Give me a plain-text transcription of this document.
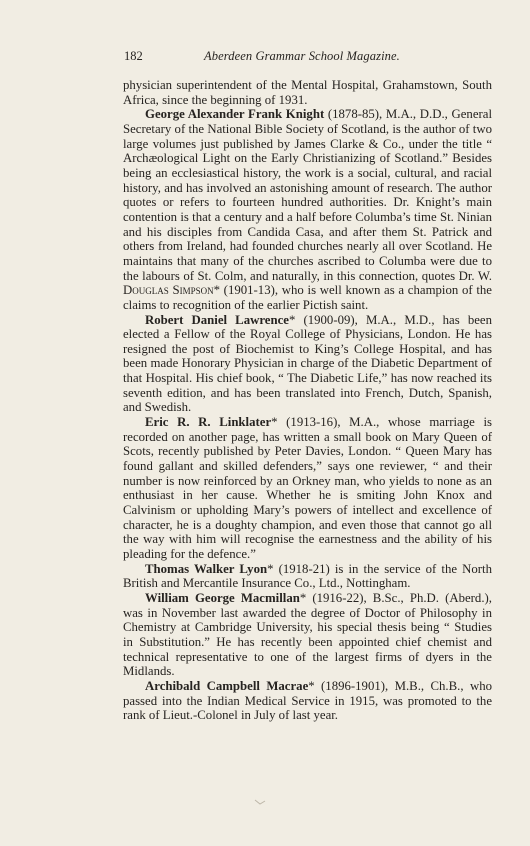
182	Aberdeen Grammar School Magazine.

physician superintendent of the Mental Hospital, Grahamstown, South Africa, since the beginning of 1931.

George Alexander Frank Knight (1878-85), M.A., D.D., General Secretary of the National Bible Society of Scotland, is the author of two large volumes just published by James Clarke & Co., under the title “ Archæological Light on the Early Christianizing of Scotland.” Besides being an ecclesiastical history, the work is a social, cultural, and racial history, and has involved an astonishing amount of research. The author quotes or refers to fourteen hundred authorities. Dr. Knight’s main contention is that a century and a half before Columba’s time St. Ninian and his disciples from Candida Casa, and after them St. Patrick and others from Ireland, had founded churches nearly all over Scotland. He maintains that many of the churches ascribed to Columba were due to the labours of St. Colm, and naturally, in this connection, quotes Dr. W. Douglas Simpson* (1901-13), who is well known as a champion of the claims to recognition of the earlier Pictish saint.

Robert Daniel Lawrence* (1900-09), M.A., M.D., has been elected a Fellow of the Royal College of Physicians, London. He has resigned the post of Biochemist to King’s College Hospital, and has been made Honorary Physician in charge of the Diabetic Department of that Hospital. His chief book, “ The Diabetic Life,” has now reached its seventh edition, and has been translated into French, Dutch, Spanish, and Swedish.

Eric R. R. Linklater* (1913-16), M.A., whose marriage is recorded on another page, has written a small book on Mary Queen of Scots, recently published by Peter Davies, London. “ Queen Mary has found gallant and skilled defenders,” says one reviewer, “ and their number is now reinforced by an Orkney man, who yields to none as an enthusiast in her cause. Whether he is smiting John Knox and Calvinism or upholding Mary’s powers of intellect and excellence of character, he is a doughty champion, and even those that cannot go all the way with him will recognise the earnestness and the ability of his pleading for the defence.”

Thomas Walker Lyon* (1918-21) is in the service of the North British and Mercantile Insurance Co., Ltd., Nottingham.

William George Macmillan* (1916-22), B.Sc., Ph.D. (Aberd.), was in November last awarded the degree of Doctor of Philosophy in Chemistry at Cambridge University, his special thesis being “ Studies in Substitution.” He has recently been appointed chief chemist and technical representative to one of the largest firms of dyers in the Midlands.

Archibald Campbell Macrae* (1896-1901), M.B., Ch.B., who passed into the Indian Medical Service in 1915, was promoted to the rank of Lieut.-Colonel in July of last year.
